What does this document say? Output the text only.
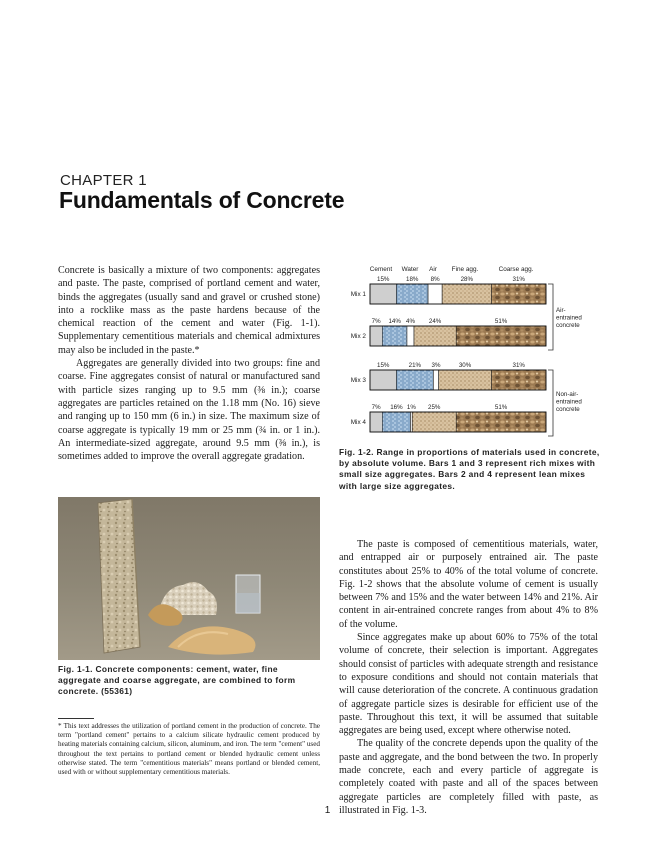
CHAPTER 1
Fundamentals of Concrete

Concrete is basically a mixture of two components: aggregates and paste. The paste, comprised of portland cement and water, binds the aggregates (usually sand and gravel or crushed stone) into a rocklike mass as the paste hardens because of the chemical reaction of the cement and water (Fig. 1-1). Supplementary cementitious materials and chemical admixtures may also be included in the paste.*

Aggregates are generally divided into two groups: fine and coarse. Fine aggregates consist of natural or manufactured sand with particle sizes ranging up to 9.5 mm (⅜ in.); coarse aggregates are particles retained on the 1.18 mm (No. 16) sieve and ranging up to 150 mm (6 in.) in size. The maximum size of coarse aggregate is typically 19 mm or 25 mm (¾ in. or 1 in.). An intermediate-sized aggregate, around 9.5 mm (⅜ in.), is sometimes added to improve the overall aggregate gradation.

Cement Water Air Fine agg.	Coarse agg.
15%	18% 8%	28%	31%
Mix 1
7% 14% 4% 24%	51%
Mix 2
15%	21% 3%	30%	31%
Mix 3
7% 16% 1% 25%	51%
Mix 4
Air-entrained concrete
Non-air-entrained concrete
Fig. 1-2. Range in proportions of materials used in concrete, by absolute volume. Bars 1 and 3 represent rich mixes with small size aggregates. Bars 2 and 4 represent lean mixes with large size aggregates.
Fig. 1-1. Concrete components: cement, water, fine aggregate and coarse aggregate, are combined to form concrete. (55361)
* This text addresses the utilization of portland cement in the production of concrete. The term "portland cement" pertains to a calcium silicate hydraulic cement produced by heating materials containing calcium, silicon, aluminum, and iron. The term "cement" used throughout the text pertains to portland cement or blended hydraulic cement unless otherwise stated. The term "cementitious materials" means portland or blended cement, used with or without supplementary cementitious materials.

The paste is composed of cementitious materials, water, and entrapped air or purposely entrained air. The paste constitutes about 25% to 40% of the total volume of concrete. Fig. 1-2 shows that the absolute volume of cement is usually between 7% and 15% and the water between 14% and 21%. Air content in air-entrained concrete ranges from about 4% to 8% of the volume.

Since aggregates make up about 60% to 75% of the total volume of concrete, their selection is important. Aggregates should consist of particles with adequate strength and resistance to exposure conditions and should not contain materials that will cause deterioration of the concrete. A continuous gradation of aggregate particle sizes is desirable for efficient use of the paste. Throughout this text, it will be assumed that suitable aggregates are being used, except where otherwise noted.

The quality of the concrete depends upon the quality of the paste and aggregate, and the bond between the two. In properly made concrete, each and every particle of aggregate is completely coated with paste and all of the spaces between aggregate particles are completely filled with paste, as illustrated in Fig. 1-3.

1
